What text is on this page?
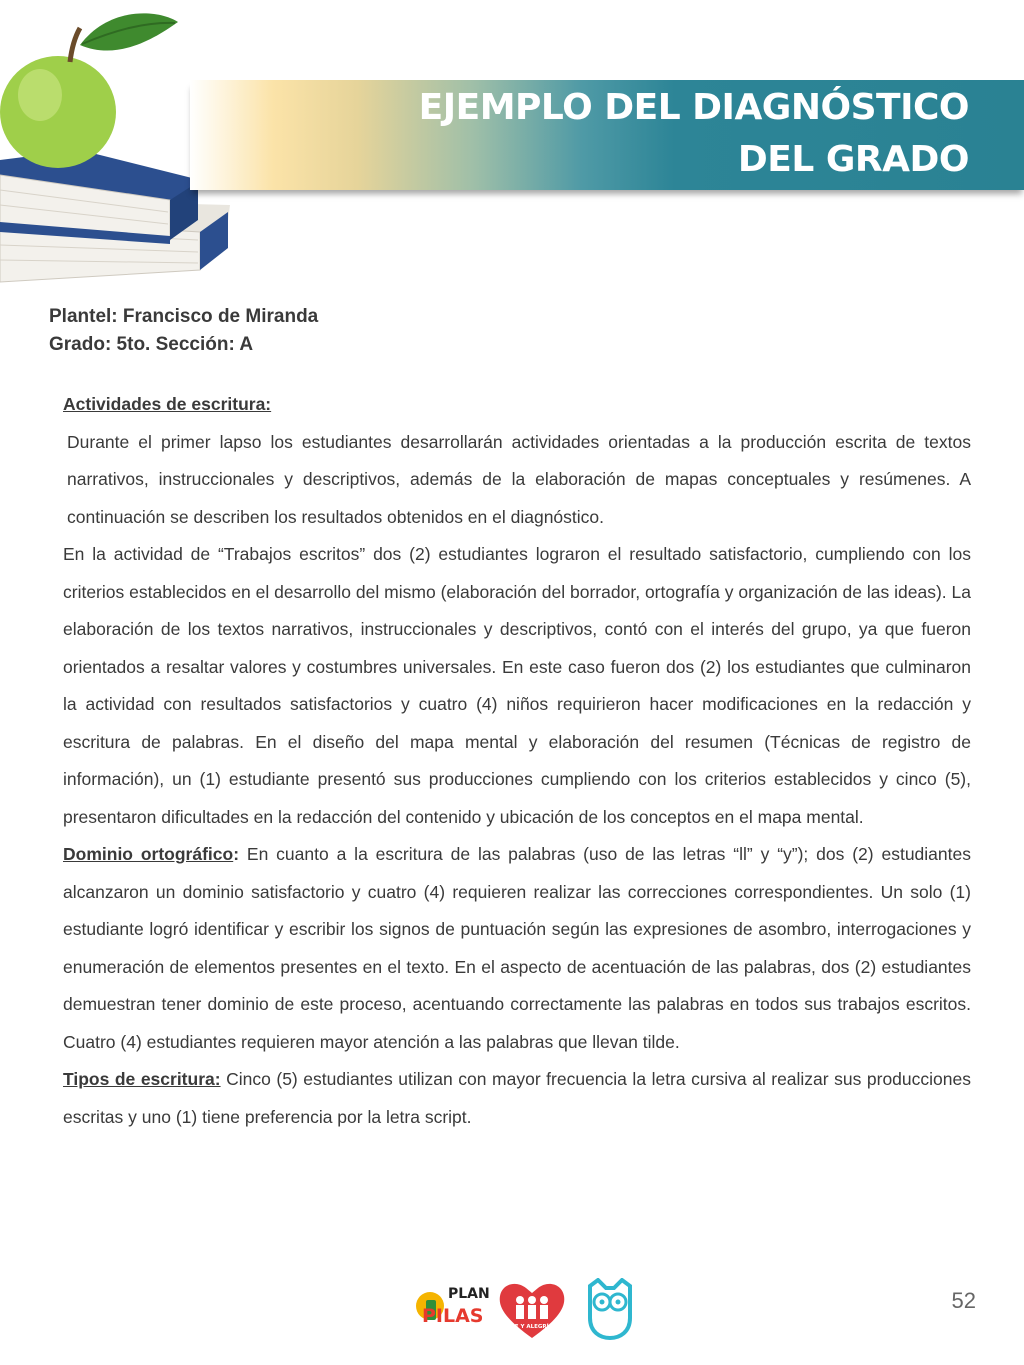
EJEMPLO DEL DIAGNÓSTICO
DEL GRADO
Plantel: Francisco de Miranda
Grado: 5to. Sección: A

Actividades de escritura:

Durante el primer lapso los estudiantes desarrollarán actividades orientadas a la producción escrita de textos narrativos, instruccionales y descriptivos, además de la elaboración de mapas conceptuales y resúmenes. A continuación se describen los resultados obtenidos en el diagnóstico.

En la actividad de “Trabajos escritos” dos (2) estudiantes lograron el resultado satisfactorio, cumpliendo con los criterios establecidos en el desarrollo del mismo (elaboración del borrador, ortografía y organización de las ideas). La elaboración de los textos narrativos, instruccionales y descriptivos, contó con el interés del grupo, ya que fueron orientados a resaltar valores y costumbres universales. En este caso fueron dos (2) los estudiantes que culminaron la actividad con resultados satisfactorios y cuatro (4) niños requirieron hacer modificaciones en la redacción y escritura de palabras. En el diseño del mapa mental y elaboración del resumen (Técnicas de registro de información), un (1) estudiante presentó sus producciones cumpliendo con los criterios establecidos y cinco (5), presentaron dificultades en la redacción del contenido y ubicación de los conceptos en el mapa mental.

Dominio ortográfico: En cuanto a la escritura de las palabras (uso de las letras “ll” y “y”); dos (2) estudiantes alcanzaron un dominio satisfactorio y cuatro (4) requieren realizar las correcciones correspondientes. Un solo (1) estudiante logró identificar y escribir los signos de puntuación según las expresiones de asombro, interrogaciones y enumeración de elementos presentes en el texto. En el aspecto de acentuación de las palabras, dos (2) estudiantes demuestran tener dominio de este proceso, acentuando correctamente las palabras en todos sus trabajos escritos. Cuatro (4) estudiantes requieren mayor atención a las palabras que llevan tilde.

Tipos de escritura: Cinco (5) estudiantes utilizan con mayor frecuencia la letra cursiva al realizar sus producciones escritas y uno (1) tiene preferencia por la letra script.

PLAN
PILAS	FE Y ALEGRÍA
52
